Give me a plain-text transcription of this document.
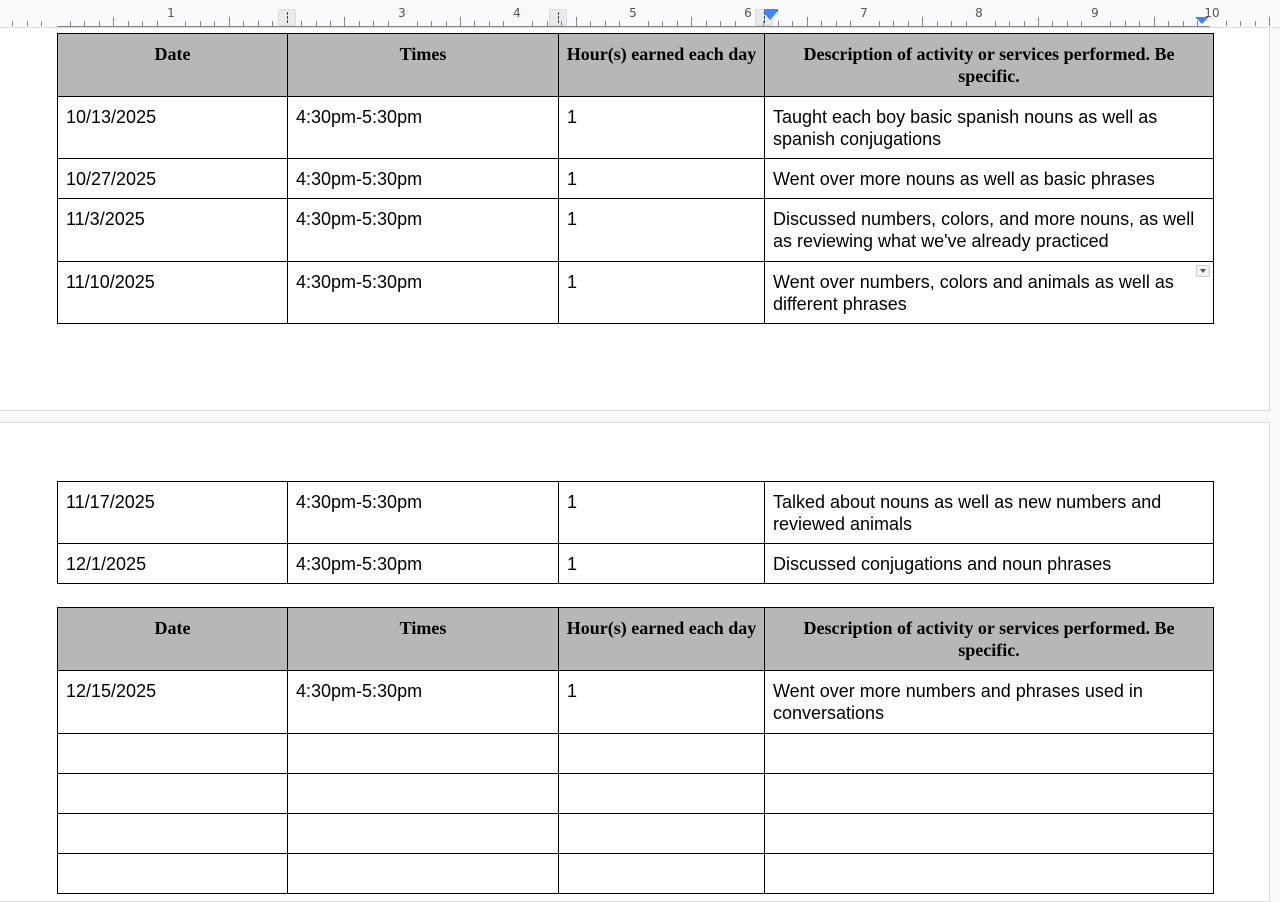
1	3	4	5	6	7	8	9	10
Date	Times	Hour(s) earned each day	Description of activity or services performed. Be specific.
10/13/2025	4:30pm-5:30pm	1	Taught each boy basic spanish nouns as well as spanish conjugations
10/27/2025	4:30pm-5:30pm	1	Went over more nouns as well as basic phrases
11/3/2025	4:30pm-5:30pm	1	Discussed numbers, colors, and more nouns, as well as reviewing what we've already practiced
11/10/2025	4:30pm-5:30pm	1	Went over numbers, colors and animals as well as different phrases
11/17/2025	4:30pm-5:30pm	1	Talked about nouns as well as new numbers and reviewed animals
12/1/2025	4:30pm-5:30pm	1	Discussed conjugations and noun phrases
Date	Times	Hour(s) earned each day	Description of activity or services performed. Be specific.
12/15/2025	4:30pm-5:30pm	1	Went over more numbers and phrases used in conversations
